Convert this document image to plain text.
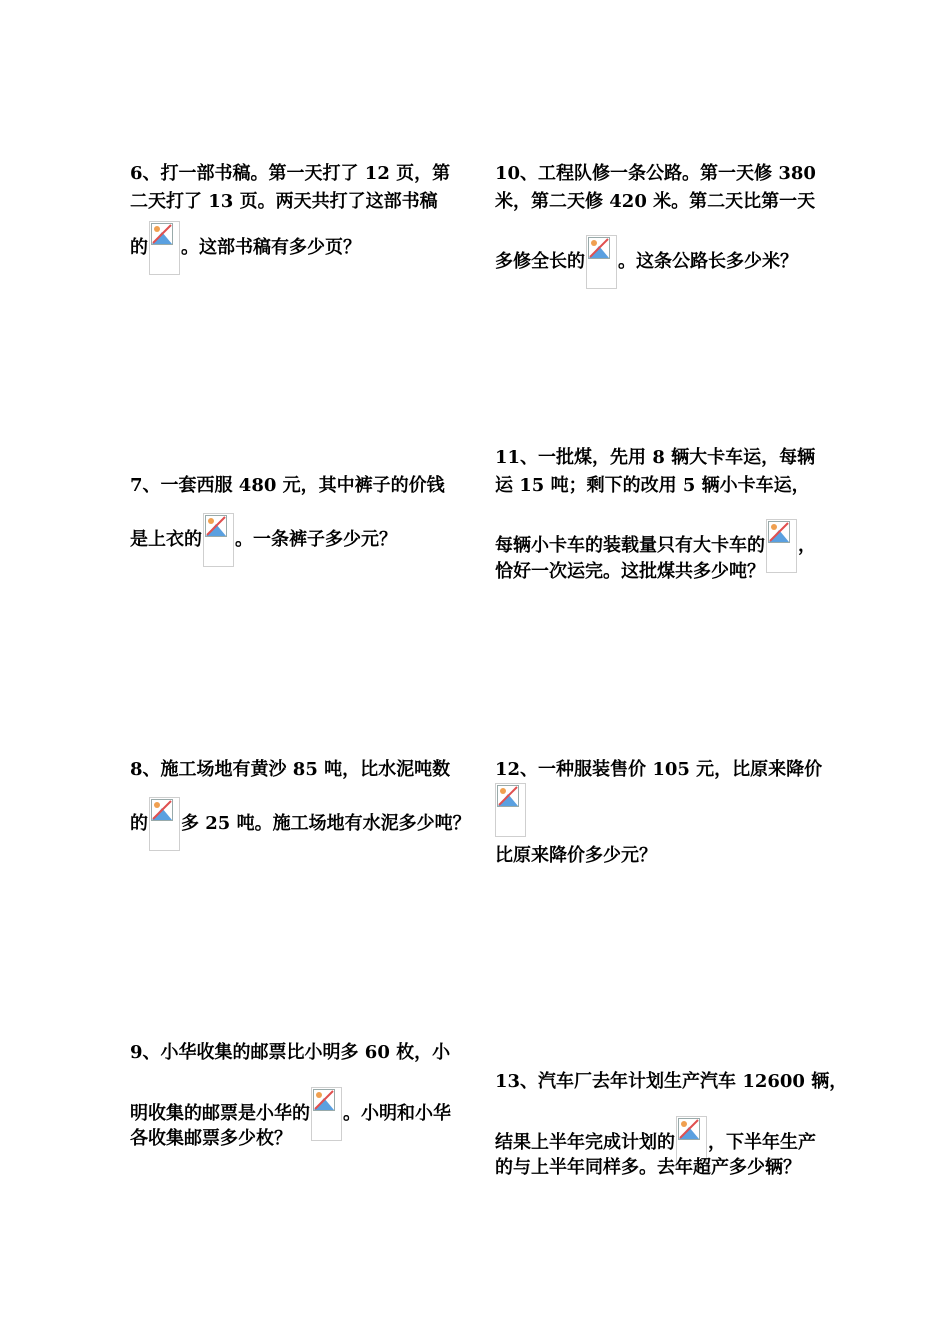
6、打一部书稿。第一天打了 12 页，第
二天打了 13 页。两天共打了这部书稿
的 。这部书稿有多少页？
7、一套西服 480 元，其中裤子的价钱
是上衣的 。一条裤子多少元？
8、施工场地有黄沙 85 吨，比水泥吨数
的 多 25 吨。施工场地有水泥多少吨？
9、小华收集的邮票比小明多 60 枚，小
明收集的邮票是小华的 。小明和小华
各收集邮票多少枚？
10、工程队修一条公路。第一天修 380
米，第二天修 420 米。第二天比第一天
多修全长的 。这条公路长多少米？
11、一批煤，先用 8 辆大卡车运，每辆
运 15 吨；剩下的改用 5 辆小卡车运，
每辆小卡车的装载量只有大卡车的 ，
恰好一次运完。这批煤共多少吨？
12、一种服装售价 105 元，比原来降价
比原来降价多少元？
13、汽车厂去年计划生产汽车 12600 辆，
结果上半年完成计划的 ，下半年生产
的与上半年同样多。去年超产多少辆？
